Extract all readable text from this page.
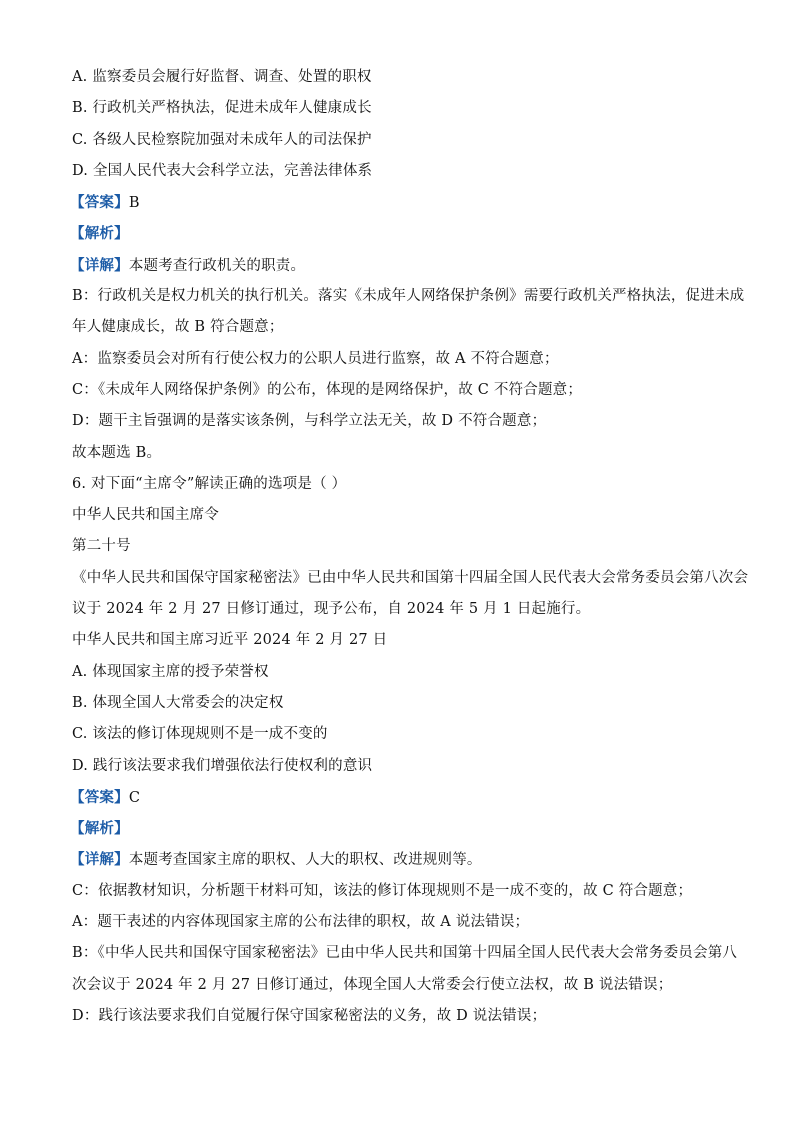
A. 监察委员会履行好监督、调查、处置的职权
B. 行政机关严格执法，促进未成年人健康成长
C. 各级人民检察院加强对未成年人的司法保护
D. 全国人民代表大会科学立法，完善法律体系
【答案】B
【解析】
【详解】本题考查行政机关的职责。
B：行政机关是权力机关的执行机关。落实《未成年人网络保护条例》需要行政机关严格执法，促进未成
年人健康成长，故 B 符合题意；
A：监察委员会对所有行使公权力的公职人员进行监察，故 A 不符合题意；
C：《未成年人网络保护条例》的公布，体现的是网络保护，故 C 不符合题意；
D：题干主旨强调的是落实该条例，与科学立法无关，故 D 不符合题意；
故本题选 B。
6. 对下面“主席令”解读正确的选项是（ ）
中华人民共和国主席令
第二十号
《中华人民共和国保守国家秘密法》已由中华人民共和国第十四届全国人民代表大会常务委员会第八次会
议于 2024 年 2 月 27 日修订通过，现予公布，自 2024 年 5 月 1 日起施行。
中华人民共和国主席习近平 2024 年 2 月 27 日
A. 体现国家主席的授予荣誉权
B. 体现全国人大常委会的决定权
C. 该法的修订体现规则不是一成不变的
D. 践行该法要求我们增强依法行使权利的意识
【答案】C
【解析】
【详解】本题考查国家主席的职权、人大的职权、改进规则等。
C：依据教材知识，分析题干材料可知，该法的修订体现规则不是一成不变的，故 C 符合题意；
A：题干表述的内容体现国家主席的公布法律的职权，故 A 说法错误；
B：《中华人民共和国保守国家秘密法》已由中华人民共和国第十四届全国人民代表大会常务委员会第八
次会议于 2024 年 2 月 27 日修订通过，体现全国人大常委会行使立法权，故 B 说法错误；
D：践行该法要求我们自觉履行保守国家秘密法的义务，故 D 说法错误；
